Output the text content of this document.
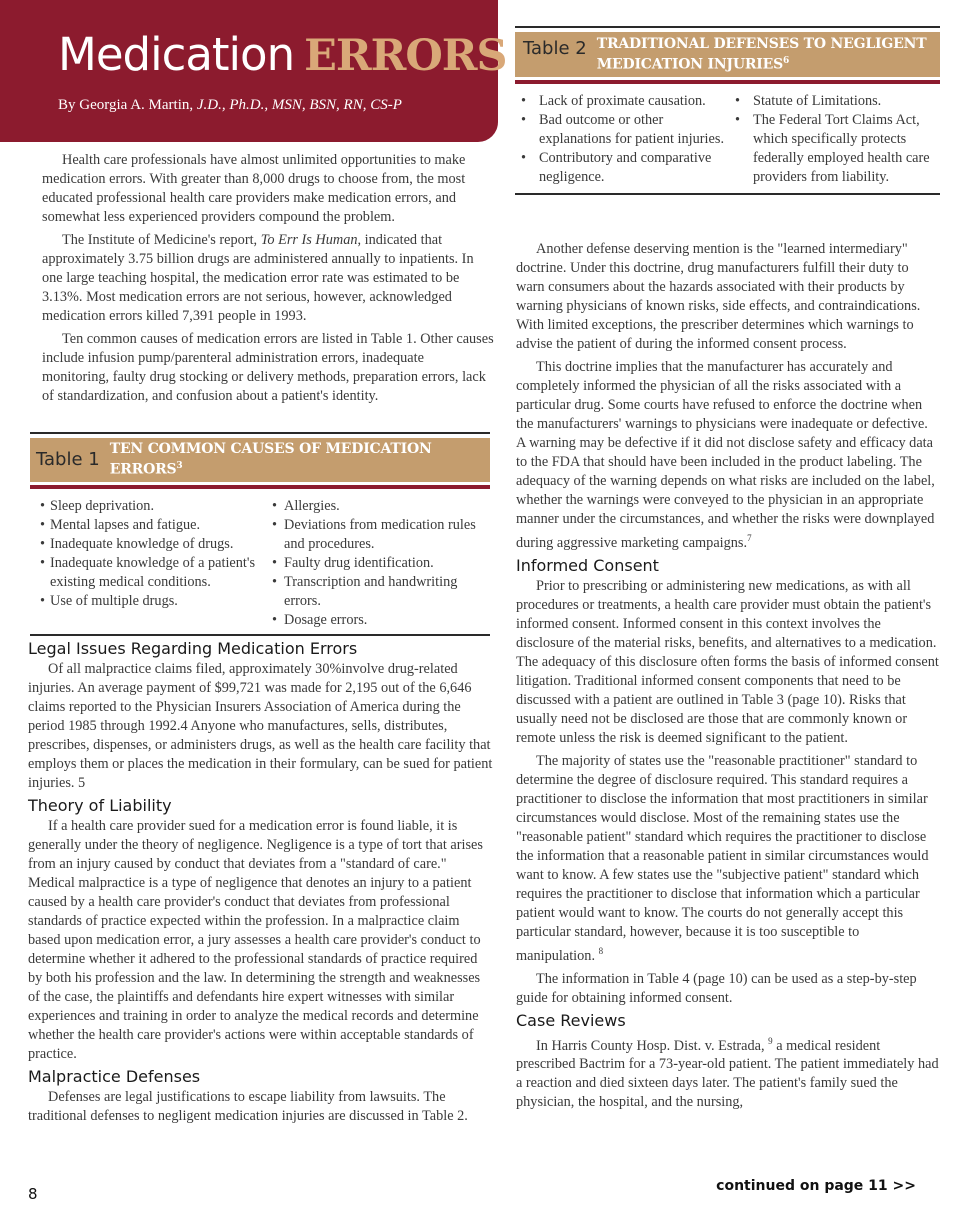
Medication ERRORS
By Georgia A. Martin, J.D., Ph.D., MSN, BSN, RN, CS-P

Health care professionals have almost unlimited opportunities to make medication errors. With greater than 8,000 drugs to choose from, the most educated professional health care providers make medication errors, and somewhat less experienced providers compound the problem.

The Institute of Medicine's report, To Err Is Human, indicated that approximately 3.75 billion drugs are administered annually to inpatients. In one large teaching hospital, the medication error rate was estimated to be 3.13%. Most medication errors are not serious, however, acknowledged medication errors killed 7,391 people in 1993.

Ten common causes of medication errors are listed in Table 1. Other causes include infusion pump/parenteral administration errors, inadequate monitoring, faulty drug stocking or delivery methods, preparation errors, lack of standardization, and confusion about a patient's identity.

Table 1
TEN COMMON CAUSES OF MEDICATION ERRORS$^3$
• Sleep deprivation.
• Mental lapses and fatigue.
• Inadequate knowledge of drugs.
• Inadequate knowledge of a patient's existing medical conditions.
• Use of multiple drugs.
• Allergies.
• Deviations from medication rules and procedures.
• Faulty drug identification.
• Transcription and handwriting errors.
• Dosage errors.
Legal Issues Regarding Medication Errors

Of all malpractice claims filed, approximately 30%involve drug-related injuries. An average payment of $99,721 was made for 2,195 out of the 6,646 claims reported to the Physician Insurers Association of America during the period 1985 through 1992.4 Anyone who manufactures, sells, distributes, prescribes, dispenses, or administers drugs, as well as the health care facility that employs them or places the medication in their formulary, can be sued for patient injuries. 5

Theory of Liability

If a health care provider sued for a medication error is found liable, it is generally under the theory of negligence. Negligence is a type of tort that arises from an injury caused by conduct that deviates from a "standard of care." Medical malpractice is a type of negligence that denotes an injury to a patient caused by a health care provider's conduct that deviates from professional standards of practice expected within the profession. In a malpractice claim based upon medication error, a jury assesses a health care provider's conduct to determine whether it adhered to the professional standards of practice required by both his profession and the law. In determining the strength and weaknesses of the case, the plaintiffs and defendants hire expert witnesses with similar experiences and training in order to analyze the medical records and determine whether the health care provider's actions were within acceptable standards of practice.

Malpractice Defenses

Defenses are legal justifications to escape liability from lawsuits. The traditional defenses to negligent medication injuries are discussed in Table 2.

Table 2 TRADITIONAL DEFENSES TO NEGLIGENT
MEDICATION INJURIES$^6$
• Lack of proximate causation.
• Bad outcome or other explanations for patient injuries.
• Contributory and comparative negligence.
• Statute of Limitations.
• The Federal Tort Claims Act, which specifically protects federally employed health care providers from liability.

Another defense deserving mention is the "learned intermediary" doctrine. Under this doctrine, drug manufacturers fulfill their duty to warn consumers about the hazards associated with their products by warning physicians of known risks, side effects, and contraindications. With limited exceptions, the prescriber determines which warnings to advise the patient of during the informed consent process.

This doctrine implies that the manufacturer has accurately and completely informed the physician of all the risks associated with a particular drug. Some courts have refused to enforce the doctrine when the manufacturers' warnings to physicians were inadequate or defective. A warning may be defective if it did not disclose safety and efficacy data to the FDA that should have been included in the product labeling. The adequacy of the warning depends on what risks are included on the label, whether the warnings were conveyed to the physician in an appropriate manner under the circumstances, and whether the risks were downplayed during aggressive marketing campaigns.$^7$

Informed Consent

Prior to prescribing or administering new medications, as with all procedures or treatments, a health care provider must obtain the patient's informed consent. Informed consent in this context involves the disclosure of the material risks, benefits, and alternatives to a medication. The adequacy of this disclosure often forms the basis of informed consent litigation. Traditional informed consent components that need to be discussed with a patient are outlined in Table 3 (page 10). Risks that usually need not be disclosed are those that are commonly known or remote unless the risk is deemed significant to the patient.

The majority of states use the "reasonable practitioner" standard to determine the degree of disclosure required. This standard requires a practitioner to disclose the information that most practitioners in similar circumstances would disclose. Most of the remaining states use the "reasonable patient" standard which requires the practitioner to disclose the information that a reasonable patient in similar circumstances would want to know. A few states use the "subjective patient" standard which requires the practitioner to disclose that information which a particular patient would want to know. The courts do not generally accept this particular standard, however, because it is too susceptible to manipulation. $^8$

The information in Table 4 (page 10) can be used as a step-by-step guide for obtaining informed consent.

Case Reviews

In Harris County Hosp. Dist. v. Estrada, $^9$ a medical resident prescribed Bactrim for a 73-year-old patient. The patient immediately had a reaction and died sixteen days later. The patient's family sued the physician, the hospital, and the nursing,

8	continued on page 11 >>
